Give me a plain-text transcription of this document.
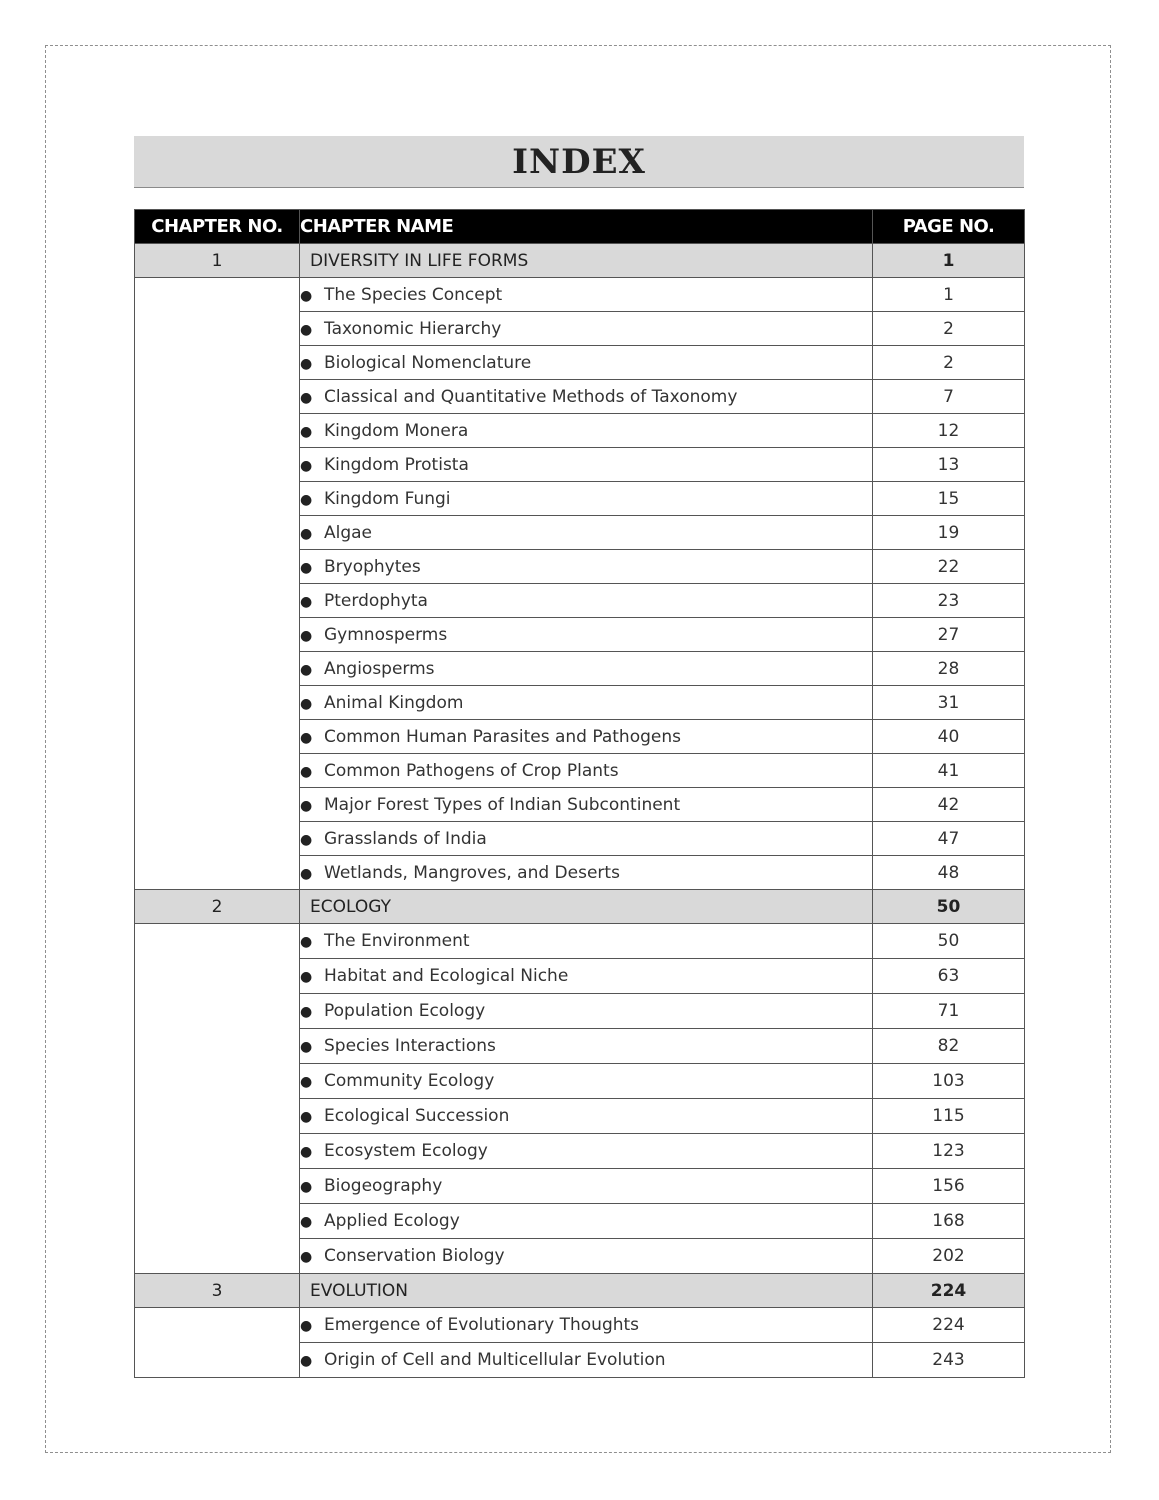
INDEX
CHAPTER NO.	CHAPTER NAME	PAGE NO.
1	DIVERSITY IN LIFE FORMS	1
	● The Species Concept	1
	● Taxonomic Hierarchy	2
	● Biological Nomenclature	2
	● Classical and Quantitative Methods of Taxonomy	7
	● Kingdom Monera	12
	● Kingdom Protista	13
	● Kingdom Fungi	15
	● Algae	19
	● Bryophytes	22
	● Pterdophyta	23
	● Gymnosperms	27
	● Angiosperms	28
	● Animal Kingdom	31
	● Common Human Parasites and Pathogens	40
	● Common Pathogens of Crop Plants	41
	● Major Forest Types of Indian Subcontinent	42
	● Grasslands of India	47
	● Wetlands, Mangroves, and Deserts	48
2	ECOLOGY	50
	● The Environment	50
	● Habitat and Ecological Niche	63
	● Population Ecology	71
	● Species Interactions	82
	● Community Ecology	103
	● Ecological Succession	115
	● Ecosystem Ecology	123
	● Biogeography	156
	● Applied Ecology	168
	● Conservation Biology	202
3	EVOLUTION	224
	● Emergence of Evolutionary Thoughts	224
	● Origin of Cell and Multicellular Evolution	243
